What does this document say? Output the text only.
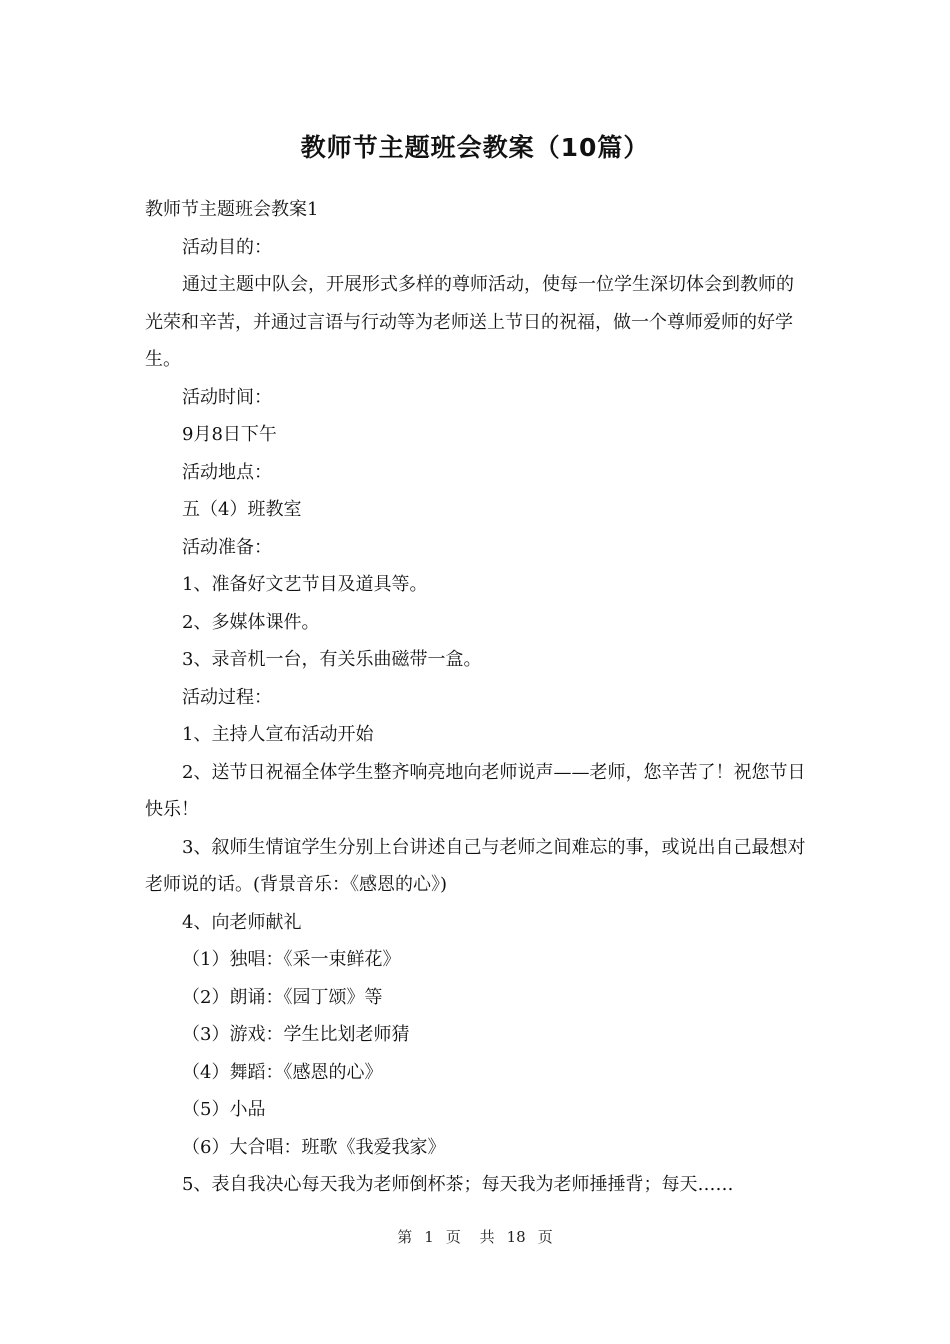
教师节主题班会教案（10篇）

教师节主题班会教案1

活动目的：

通过主题中队会，开展形式多样的尊师活动，使每一位学生深切体会到教师的光荣和辛苦，并通过言语与行动等为老师送上节日的祝福，做一个尊师爱师的好学生。

活动时间：

9月8日下午

活动地点：

五（4）班教室

活动准备：

1、准备好文艺节目及道具等。

2、多媒体课件。

3、录音机一台，有关乐曲磁带一盒。

活动过程：

1、主持人宣布活动开始

2、送节日祝福全体学生整齐响亮地向老师说声——老师，您辛苦了！祝您节日快乐！

3、叙师生情谊学生分别上台讲述自己与老师之间难忘的事，或说出自己最想对老师说的话。(背景音乐：《感恩的心》)

4、向老师献礼

（1）独唱：《采一束鲜花》

（2）朗诵：《园丁颂》等

（3）游戏：学生比划老师猜

（4）舞蹈：《感恩的心》

（5）小品

（6）大合唱：班歌《我爱我家》

5、表自我决心每天我为老师倒杯茶；每天我为老师捶捶背；每天……

第 1 页 共 18 页
